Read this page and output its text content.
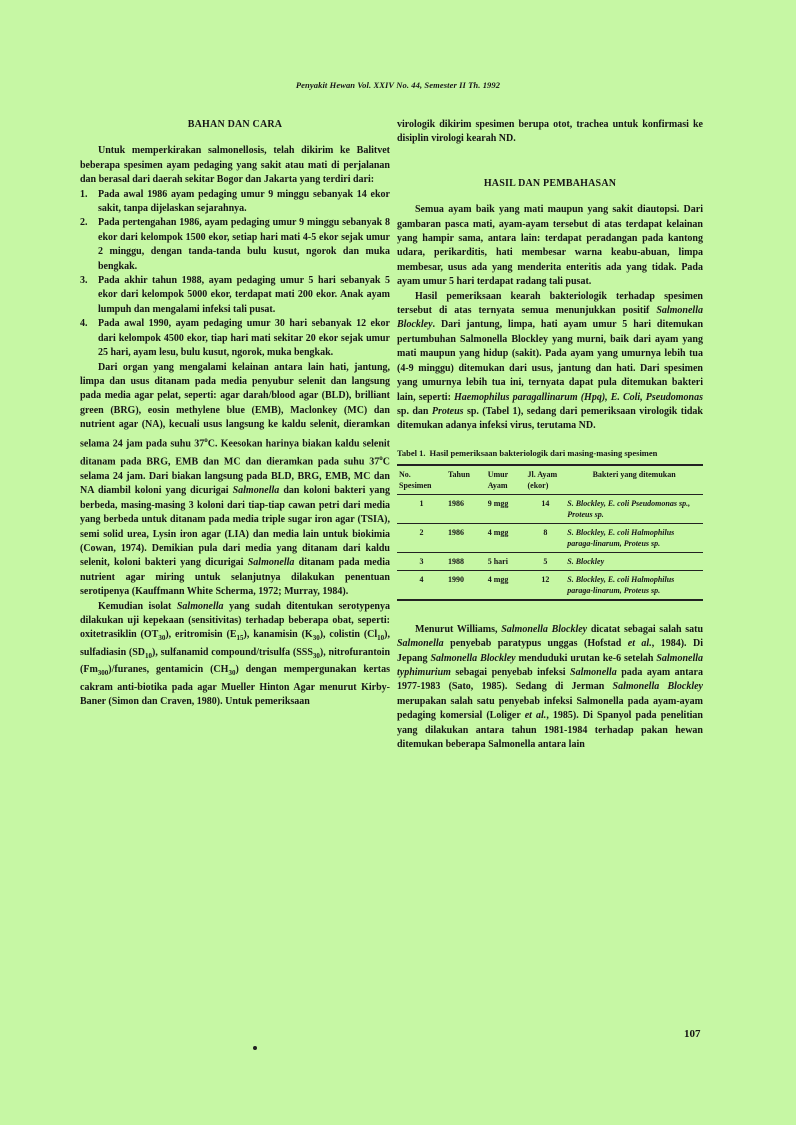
Penyakit Hewan Vol. XXIV No. 44, Semester II Th. 1992
BAHAN DAN CARA

Untuk memperkirakan salmonellosis, telah dikirim ke Balitvet beberapa spesimen ayam pedaging yang sakit atau mati di perjalanan dan berasal dari daerah sekitar Bogor dan Jakarta yang terdiri dari:

1. Pada awal 1986 ayam pedaging umur 9 minggu sebanyak 14 ekor sakit, tanpa dijelaskan sejarahnya.
2. Pada pertengahan 1986, ayam pedaging umur 9 minggu sebanyak 8 ekor dari kelompok 1500 ekor, setiap hari mati 4-5 ekor sejak umur 2 minggu, dengan tanda-tanda bulu kusut, ngorok dan muka bengkak.
3. Pada akhir tahun 1988, ayam pedaging umur 5 hari sebanyak 5 ekor dari kelompok 5000 ekor, terdapat mati 200 ekor. Anak ayam lumpuh dan mengalami infeksi tali pusat.
4. Pada awal 1990, ayam pedaging umur 30 hari sebanyak 12 ekor dari kelompok 4500 ekor, tiap hari mati sekitar 20 ekor sejak umur 25 hari, ayam lesu, bulu kusut, ngorok, muka bengkak.

Dari organ yang mengalami kelainan antara lain hati, jantung, limpa dan usus ditanam pada media penyubur selenit dan langsung pada media agar pelat, seperti: agar darah/blood agar (BLD), brilliant green (BRG), eosin methylene blue (EMB), Maclonkey (MC) dan nutrient agar (NA), kecuali usus langsung ke kaldu selenit, dieramkan selama 24 jam pada suhu 37$^o$C. Keesokan harinya biakan kaldu selenit ditanam pada BRG, EMB dan MC dan dieramkan pada suhu 37$^o$C selama 24 jam. Dari biakan langsung pada BLD, BRG, EMB, MC dan NA diambil koloni yang dicurigai Salmonella dan koloni bakteri yang berbeda, masing-masing 3 koloni dari tiap-tiap cawan petri dari media yang berbeda untuk ditanam pada media triple sugar iron agar (TSIA), semi solid urea, Lysin iron agar (LIA) dan media lain untuk biokimia (Cowan, 1974). Demikian pula dari media yang ditanam dari kaldu selenit, koloni bakteri yang dicurigai Salmonella ditanam pada media nutrient agar miring untuk selanjutnya dilakukan penentuan serotipenya (Kauffmann White Scherma, 1972; Murray, 1984).

Kemudian isolat Salmonella yang sudah ditentukan serotypenya dilakukan uji kepekaan (sensitivitas) terhadap beberapa obat, seperti: oxitetrasiklin $(OT_{30})$, eritromisin $(E_{15})$, kanamisin $(K_{30})$, colistin $(Cl_{10})$, sulfadiasin $(SD_{10})$, sulfanamid compound/trisulfa $(SSS_{30})$, nitrofurantoin $(Fm_{300})$/furanes, gentamicin $(CH_{30})$ dengan mempergunakan kertas cakram anti-biotika pada agar Mueller Hinton Agar menurut Kirby-Baner (Simon dan Craven, 1980). Untuk pemeriksaan

virologik dikirim spesimen berupa otot, trachea untuk konfirmasi ke disiplin virologi kearah ND.

HASIL DAN PEMBAHASAN

Semua ayam baik yang mati maupun yang sakit diautopsi. Dari gambaran pasca mati, ayam-ayam tersebut di atas terdapat kelainan yang hampir sama, antara lain: terdapat peradangan pada kantong udara, perikarditis, hati membesar warna keabu-abuan, limpa membesar, usus ada yang menderita enteritis ada yang tidak. Pada ayam umur 5 hari terdapat radang tali pusat.

Hasil pemeriksaan kearah bakteriologik terhadap spesimen tersebut di atas ternyata semua menunjukkan positif Salmonella Blockley. Dari jantung, limpa, hati ayam umur 5 hari ditemukan pertumbuhan Salmonella Blockley yang murni, baik dari ayam yang mati maupun yang hidup (sakit). Pada ayam yang umurnya lebih tua (4-9 minggu) ditemukan dari usus, jantung dan hati. Dari spesimen yang umurnya lebih tua ini, ternyata dapat pula ditemukan bakteri lain, seperti: Haemophilus paragallinarum (Hpq), E. Coli, Pseudomonas sp. dan Proteus sp. (Tabel 1), sedang dari pemeriksaan virologik tidak ditemukan adanya infeksi virus, terutama ND.

Tabel 1. Hasil pemeriksaan bakteriologik dari masing-masing spesimen
No. Spesimen	Tahun	Umur Ayam	Jl. Ayam (ekor)	Bakteri yang ditemukan
1	1986	9 mgg	14	S. Blockley, E. coli Pseudomonas sp., Proteus sp.
2	1986	4 mgg	8	S. Blockley, E. coli Halmophilus paraga-linarum, Proteus sp.
3	1988	5 hari	5	S. Blockley
4	1990	4 mgg	12	S. Blockley, E. coli Halmophilus paraga-linarum, Proteus sp.

Menurut Williams, Salmonella Blockley dicatat sebagai salah satu Salmonella penyebab paratypus unggas (Hofstad et al., 1984). Di Jepang Salmonella Blockley menduduki urutan ke-6 setelah Salmonella typhimurium sebagai penyebab infeksi Salmonella pada ayam antara 1977-1983 (Sato, 1985). Sedang di Jerman Salmonella Blockley merupakan salah satu penyebab infeksi Salmonella pada ayam-ayam pedaging komersial (Loliger et al., 1985). Di Spanyol pada penelitian yang dilakukan antara tahun 1981-1984 terhadap pakan hewan ditemukan beberapa Salmonella antara lain

107
